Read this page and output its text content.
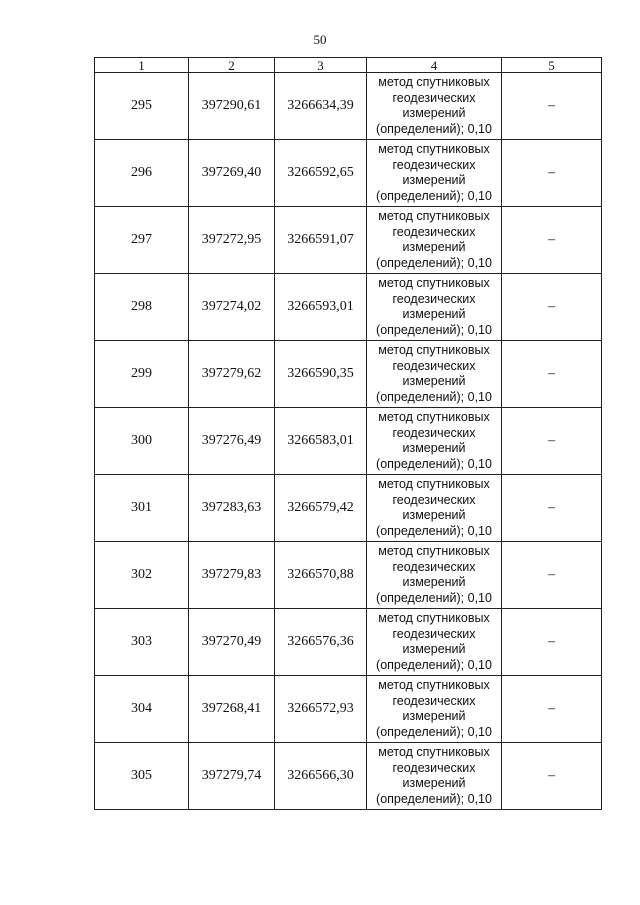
50
1	2	3	4	5
295	397290,61	3266634,39	метод спутниковых
геодезических
измерений
(определений); 0,10	–
296	397269,40	3266592,65	метод спутниковых
геодезических
измерений
(определений); 0,10	–
297	397272,95	3266591,07	метод спутниковых
геодезических
измерений
(определений); 0,10	–
298	397274,02	3266593,01	метод спутниковых
геодезических
измерений
(определений); 0,10	–
299	397279,62	3266590,35	метод спутниковых
геодезических
измерений
(определений); 0,10	–
300	397276,49	3266583,01	метод спутниковых
геодезических
измерений
(определений); 0,10	–
301	397283,63	3266579,42	метод спутниковых
геодезических
измерений
(определений); 0,10	–
302	397279,83	3266570,88	метод спутниковых
геодезических
измерений
(определений); 0,10	–
303	397270,49	3266576,36	метод спутниковых
геодезических
измерений
(определений); 0,10	–
304	397268,41	3266572,93	метод спутниковых
геодезических
измерений
(определений); 0,10	–
305	397279,74	3266566,30	метод спутниковых
геодезических
измерений
(определений); 0,10	–
